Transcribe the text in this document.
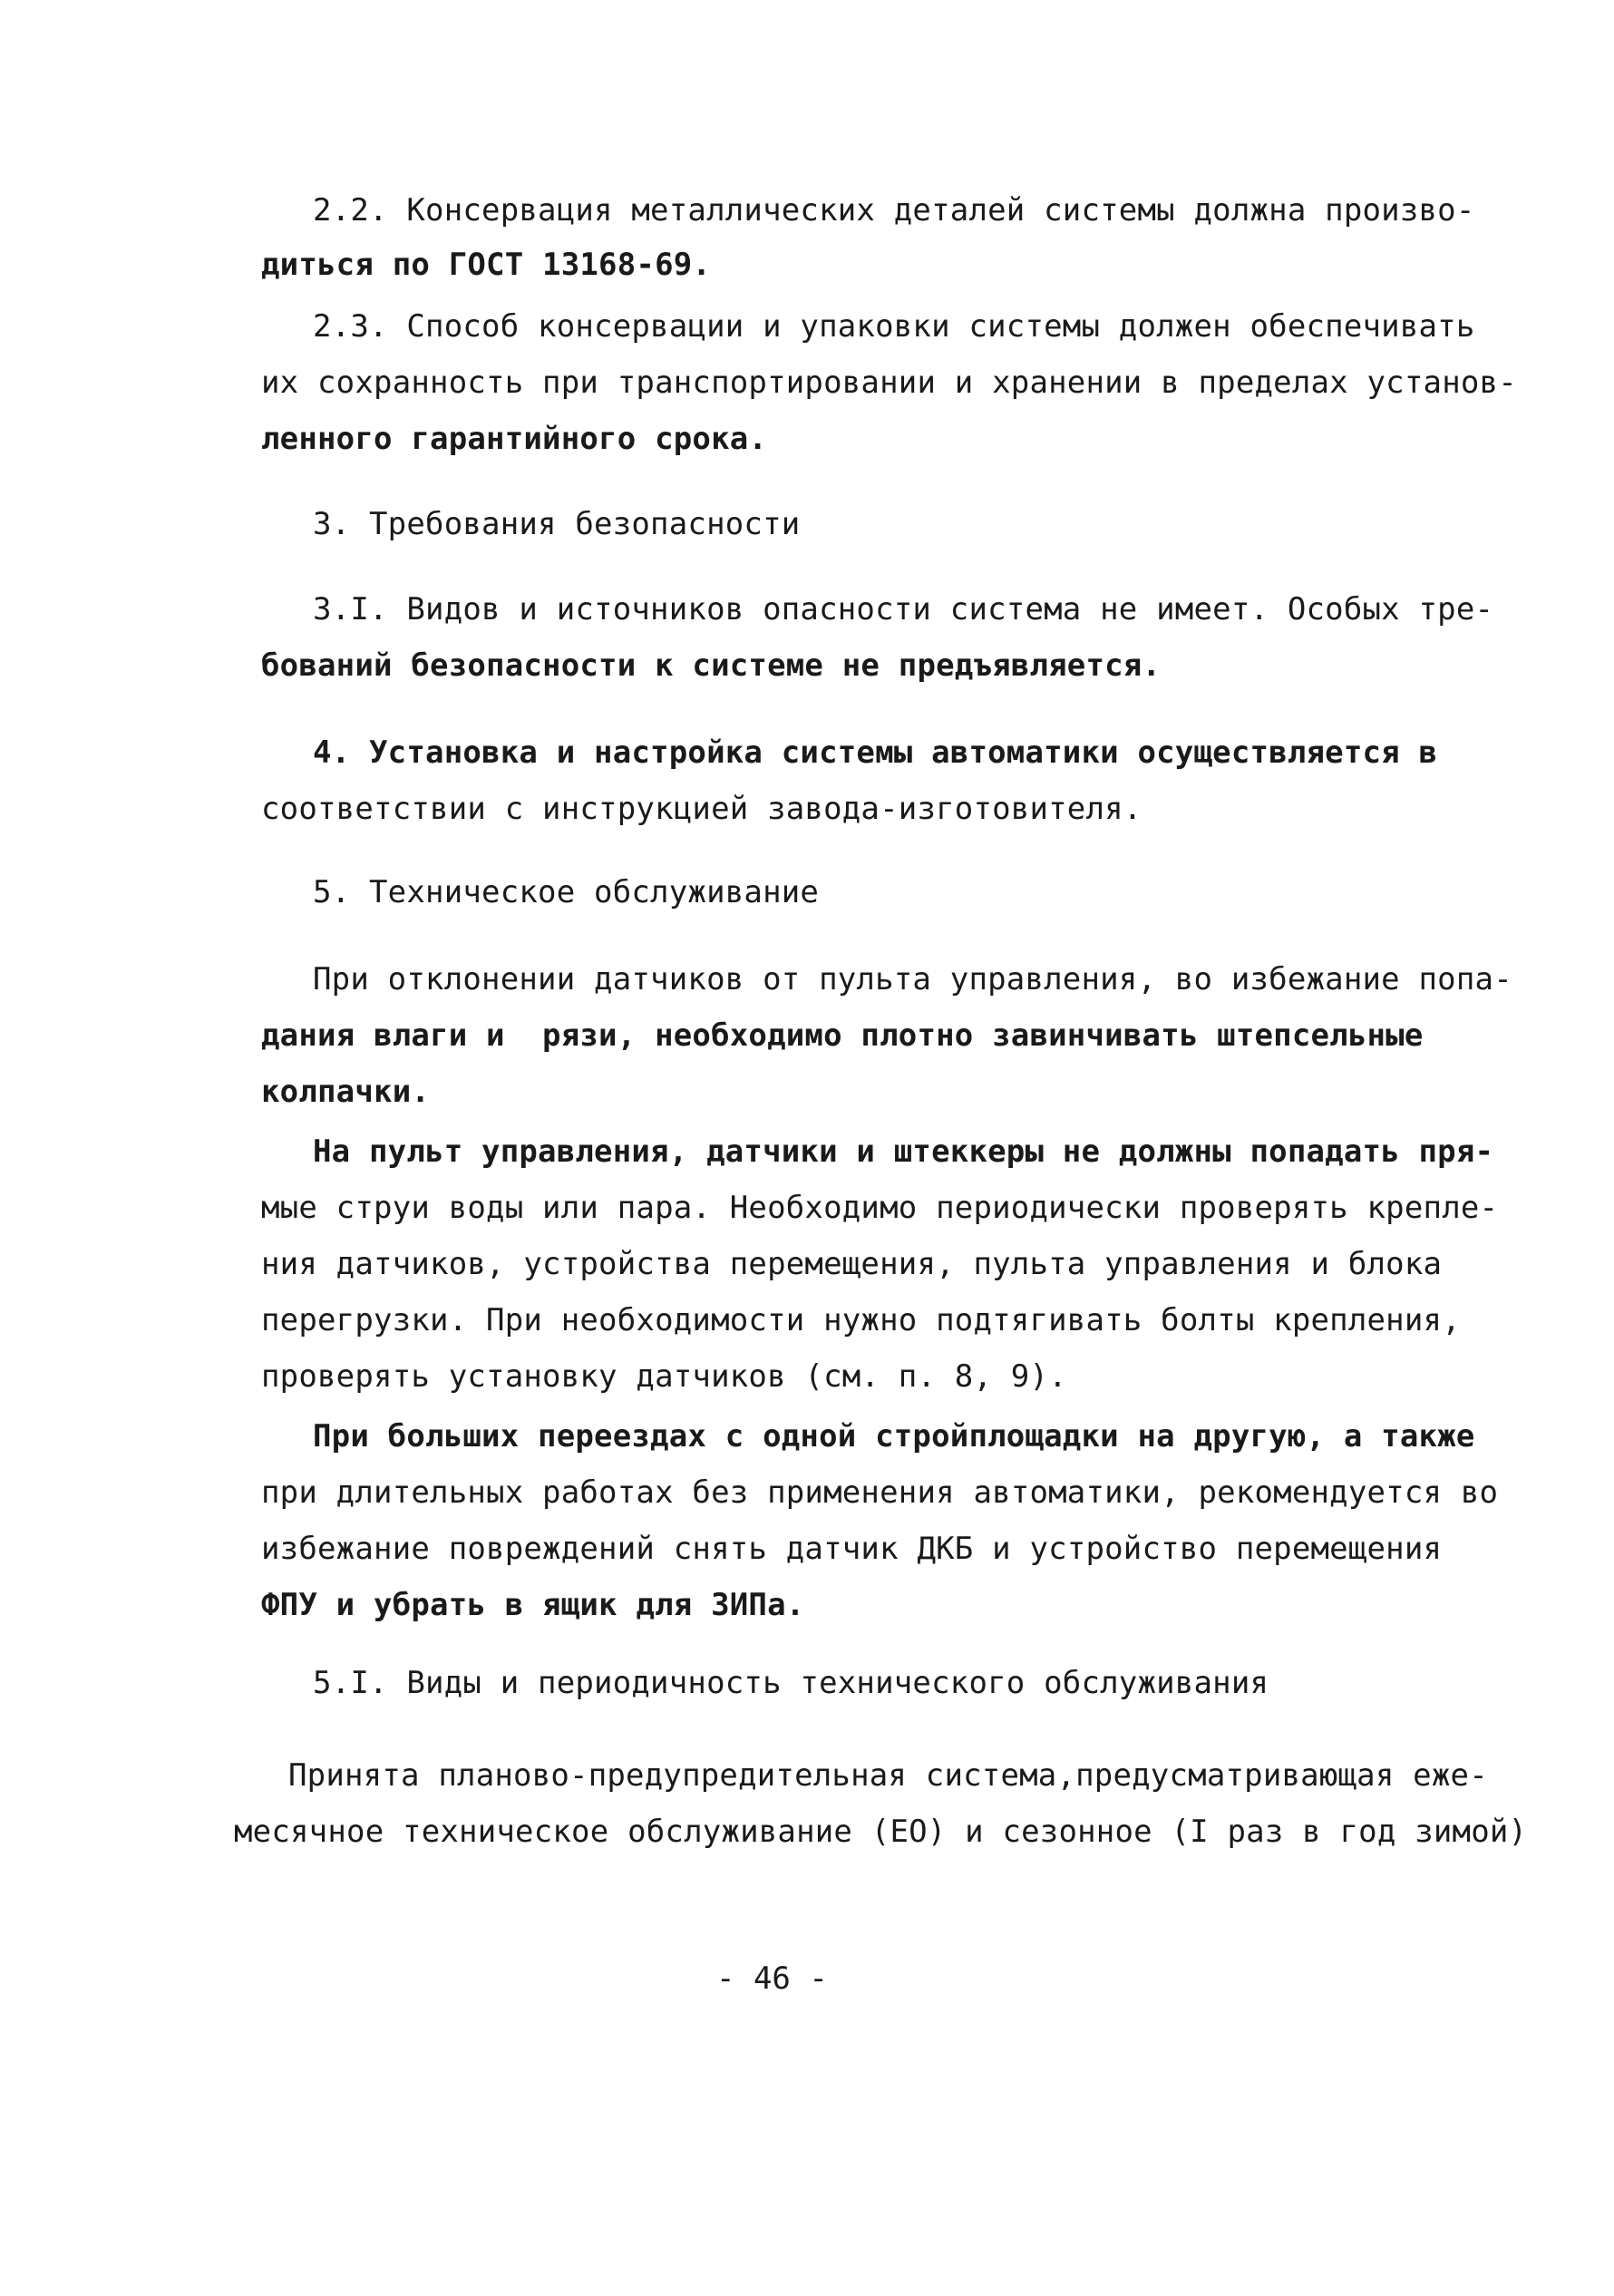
2.2. Консервация металлических деталей системы должна произво-
диться по ГОСТ 13168-69.
2.3. Способ консервации и упаковки системы должен обеспечивать
их сохранность при транспортировании и хранении в пределах установ-
ленного гарантийного срока.
3. Требования безопасности
3.I. Видов и источников опасности система не имеет. Особых тре-
бований безопасности к системе не предъявляется.
4. Установка и настройка системы автоматики осуществляется в
соответствии с инструкцией завода-изготовителя.
5. Техническое обслуживание
При отклонении датчиков от пульта управления, во избежание попа-
дания влаги и  рязи, необходимо плотно завинчивать штепсельные
колпачки.
На пульт управления, датчики и штеккеры не должны попадать пря-
мые струи воды или пара. Необходимо периодически проверять крепле-
ния датчиков, устройства перемещения, пульта управления и блока
перегрузки. При необходимости нужно подтягивать болты крепления,
проверять установку датчиков (см. п. 8, 9).
При больших переездах с одной стройплощадки на другую, а также
при длительных работах без применения автоматики, рекомендуется во
избежание повреждений снять датчик ДКБ и устройство перемещения
ФПУ и убрать в ящик для ЗИПа.
5.I. Виды и периодичность технического обслуживания
Принята планово-предупредительная система,предусматривающая еже-
месячное техническое обслуживание (ЕО) и сезонное (I раз в год зимой)
- 46 -
